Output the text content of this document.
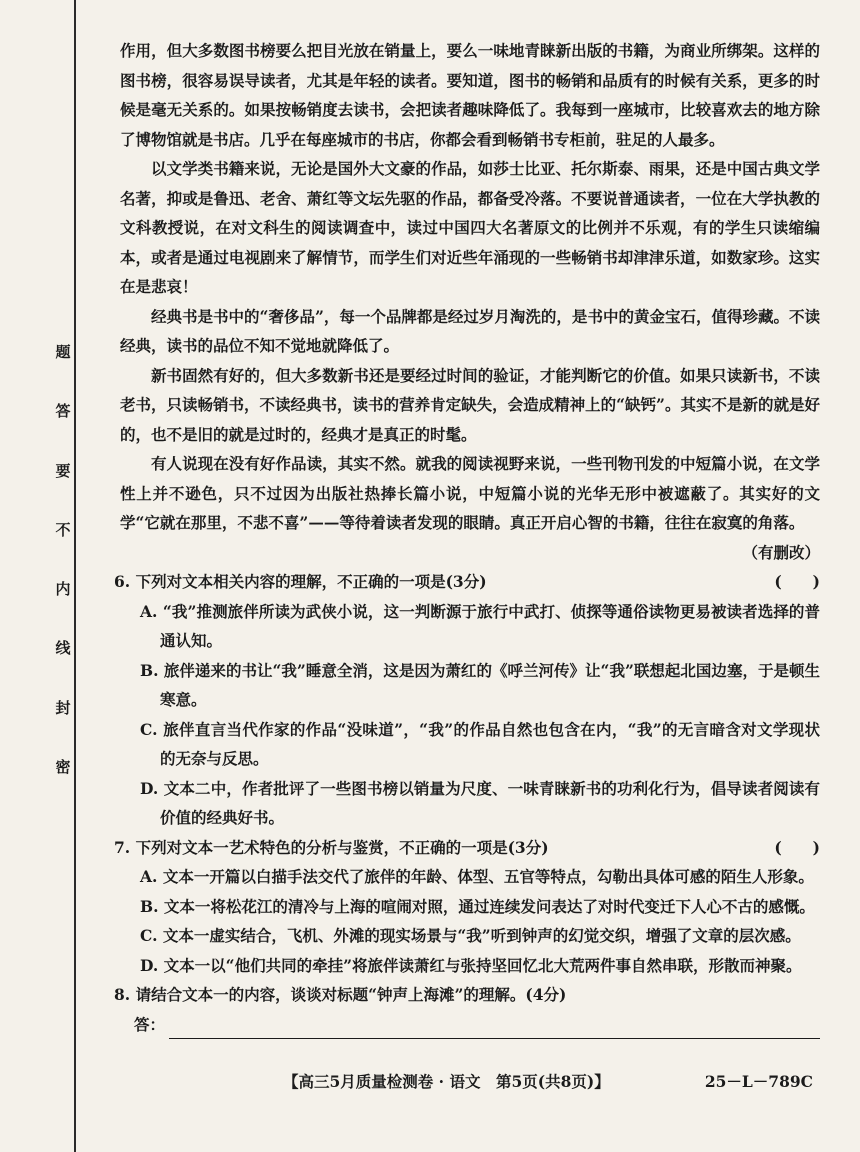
题
答
要
不
内
线
封
密

作用，但大多数图书榜要么把目光放在销量上，要么一味地青睐新出版的书籍，为商业所绑架。这样的图书榜，很容易误导读者，尤其是年轻的读者。要知道，图书的畅销和品质有的时候有关系，更多的时候是毫无关系的。如果按畅销度去读书，会把读者趣味降低了。我每到一座城市，比较喜欢去的地方除了博物馆就是书店。几乎在每座城市的书店，你都会看到畅销书专柜前，驻足的人最多。

以文学类书籍来说，无论是国外大文豪的作品，如莎士比亚、托尔斯泰、雨果，还是中国古典文学名著，抑或是鲁迅、老舍、萧红等文坛先驱的作品，都备受冷落。不要说普通读者，一位在大学执教的文科教授说，在对文科生的阅读调查中，读过中国四大名著原文的比例并不乐观，有的学生只读缩编本，或者是通过电视剧来了解情节，而学生们对近些年涌现的一些畅销书却津津乐道，如数家珍。这实在是悲哀！

经典书是书中的“奢侈品”，每一个品牌都是经过岁月淘洗的，是书中的黄金宝石，值得珍藏。不读经典，读书的品位不知不觉地就降低了。

新书固然有好的，但大多数新书还是要经过时间的验证，才能判断它的价值。如果只读新书，不读老书，只读畅销书，不读经典书，读书的营养肯定缺失，会造成精神上的“缺钙”。其实不是新的就是好的，也不是旧的就是过时的，经典才是真正的时髦。

有人说现在没有好作品读，其实不然。就我的阅读视野来说，一些刊物刊发的中短篇小说，在文学性上并不逊色，只不过因为出版社热捧长篇小说，中短篇小说的光华无形中被遮蔽了。其实好的文学“它就在那里，不悲不喜”——等待着读者发现的眼睛。真正开启心智的书籍，往往在寂寞的角落。

（有删改）

6. 下列对文本相关内容的理解，不正确的一项是(3分)	(　　)

A. “我”推测旅伴所读为武侠小说，这一判断源于旅行中武打、侦探等通俗读物更易被读者选择的普通认知。

B. 旅伴递来的书让“我”睡意全消，这是因为萧红的《呼兰河传》让“我”联想起北国边塞，于是顿生寒意。

C. 旅伴直言当代作家的作品“没味道”，“我”的作品自然也包含在内，“我”的无言暗含对文学现状的无奈与反思。

D. 文本二中，作者批评了一些图书榜以销量为尺度、一味青睐新书的功利化行为，倡导读者阅读有价值的经典好书。

7. 下列对文本一艺术特色的分析与鉴赏，不正确的一项是(3分)	(　　)

A. 文本一开篇以白描手法交代了旅伴的年龄、体型、五官等特点，勾勒出具体可感的陌生人形象。

B. 文本一将松花江的清冷与上海的喧闹对照，通过连续发问表达了对时代变迁下人心不古的感慨。

C. 文本一虚实结合，飞机、外滩的现实场景与“我”听到钟声的幻觉交织，增强了文章的层次感。

D. 文本一以“他们共同的牵挂”将旅伴读萧红与张持坚回忆北大荒两件事自然串联，形散而神聚。

8. 请结合文本一的内容，谈谈对标题“钟声上海滩”的理解。(4分)

答：
【高三5月质量检测卷 · 语文　第5页(共8页)】	25－L－789C
